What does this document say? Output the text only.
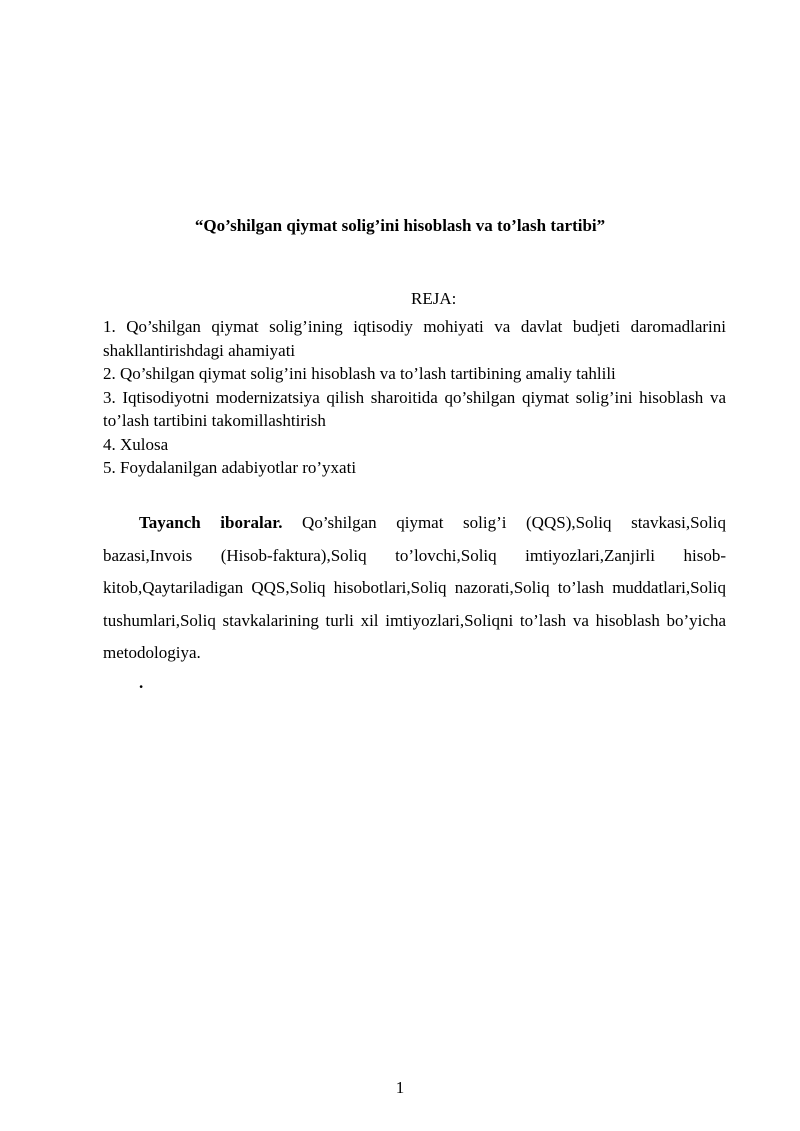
“Qo’shilgan qiymat solig’ini hisoblash va to’lash tartibi”
REJA:
1. Qo’shilgan qiymat solig’ining iqtisodiy mohiyati va davlat budjeti daromadlarini shakllantirishdagi ahamiyati
2. Qo’shilgan qiymat solig’ini hisoblash va to’lash tartibining amaliy tahlili
3. Iqtisodiyotni modernizatsiya qilish sharoitida qo’shilgan qiymat solig’ini hisoblash va to’lash tartibini takomillashtirish
4. Xulosa
5. Foydalanilgan adabiyotlar ro’yxati

Tayanch iboralar. Qo’shilgan qiymat solig’i (QQS),Soliq stavkasi,Soliq bazasi,Invois (Hisob-faktura),Soliq to’lovchi,Soliq imtiyozlari,Zanjirli hisob-kitob,Qaytariladigan QQS,Soliq hisobotlari,Soliq nazorati,Soliq to’lash muddatlari,Soliq tushumlari,Soliq stavkalarining turli xil imtiyozlari,Soliqni to’lash va hisoblash bo’yicha metodologiya.

.
1
